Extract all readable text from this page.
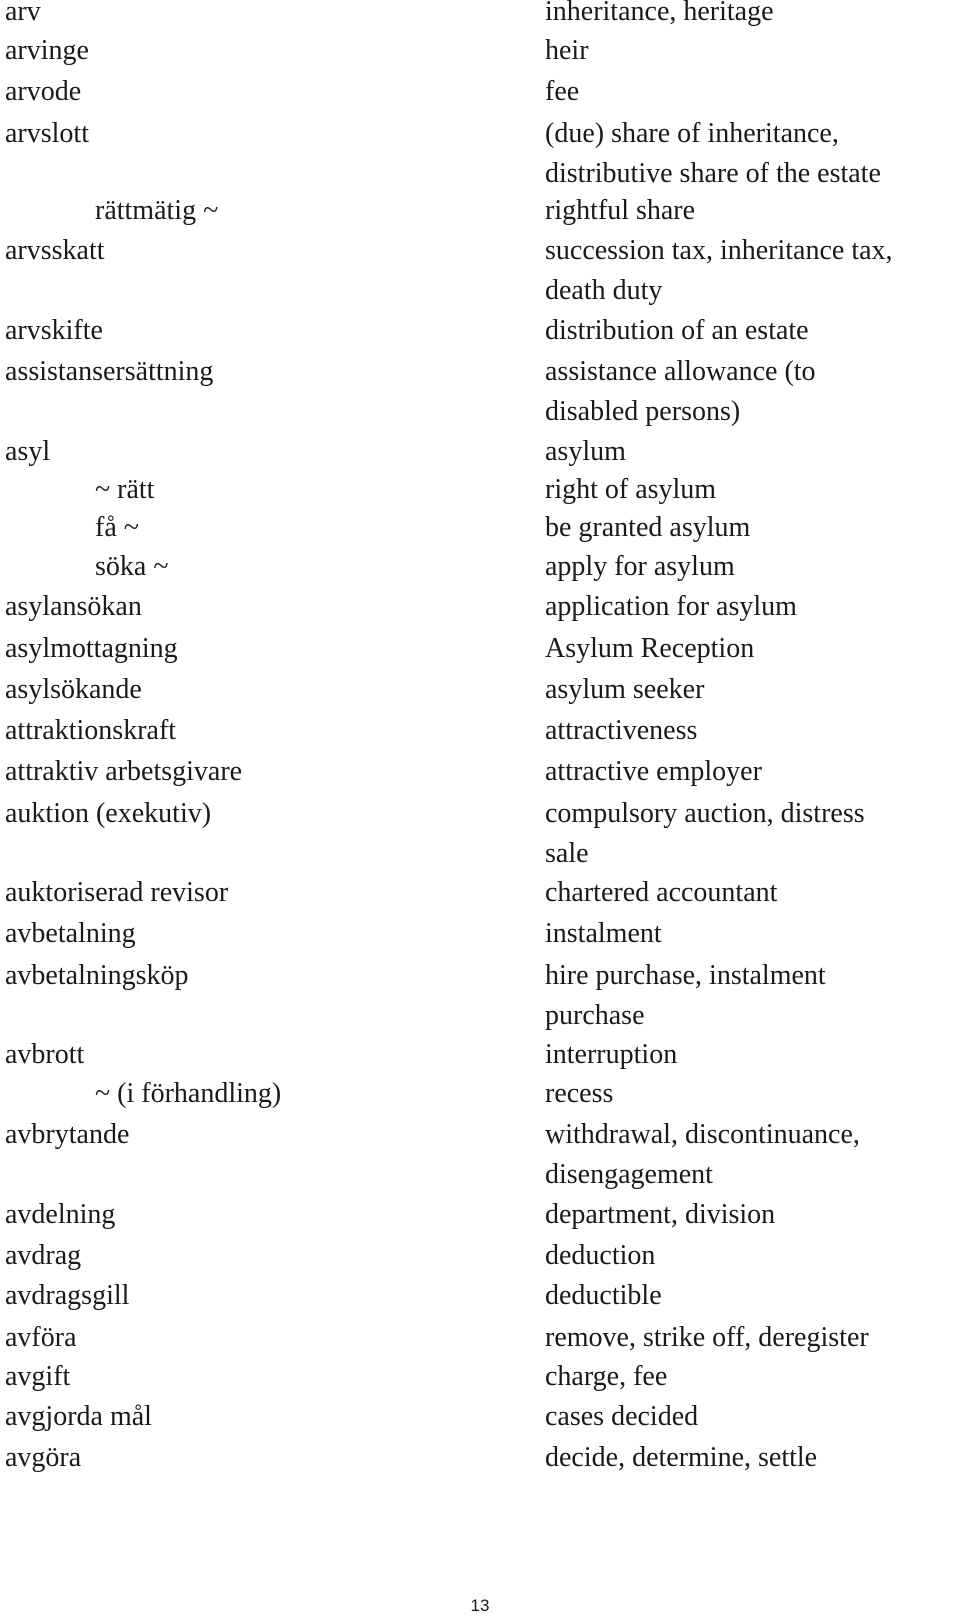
arv	inheritance, heritage
arvinge	heir
arvode	fee
arvslott	(due) share of inheritance,
distributive share of the estate
rättmätig ~	rightful share
arvsskatt	succession tax, inheritance tax,
death duty
arvskifte	distribution of an estate
assistansersättning	assistance allowance (to
disabled persons)
asyl	asylum
~ rätt	right of asylum
få ~	be granted asylum
söka ~	apply for asylum
asylansökan	application for asylum
asylmottagning	Asylum Reception
asylsökande	asylum seeker
attraktionskraft	attractiveness
attraktiv arbetsgivare	attractive employer
auktion (exekutiv)	compulsory auction, distress
sale
auktoriserad revisor	chartered accountant
avbetalning	instalment
avbetalningsköp	hire purchase, instalment
purchase
avbrott	interruption
~ (i förhandling)	recess
avbrytande	withdrawal, discontinuance,
disengagement
avdelning	department, division
avdrag	deduction
avdragsgill	deductible
avföra	remove, strike off, deregister
avgift	charge, fee
avgjorda mål	cases decided
avgöra	decide, determine, settle
13
